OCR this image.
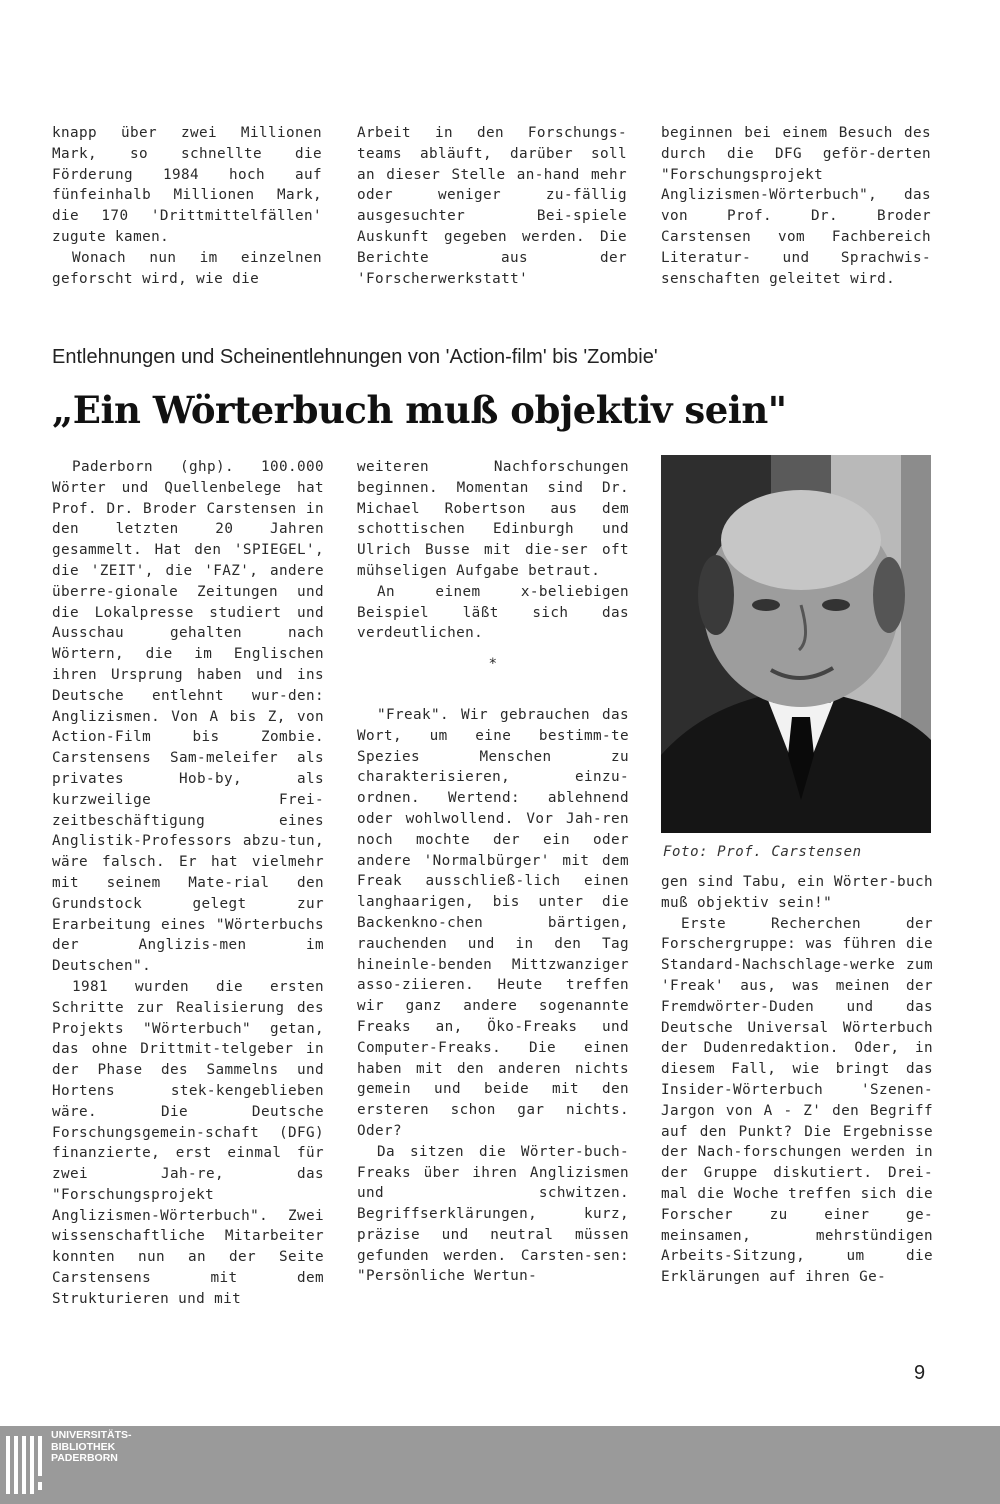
knapp über zwei Millionen Mark, so schnellte die Förderung 1984 hoch auf fünfeinhalb Millionen Mark, die 170 'Drittmittelfällen' zugute kamen.

Wonach nun im einzelnen geforscht wird, wie die

Arbeit in den Forschungs-teams abläuft, darüber soll an dieser Stelle an-hand mehr oder weniger zu-fällig ausgesuchter Bei-spiele Auskunft gegeben werden. Die Berichte aus der 'Forscherwerkstatt'

beginnen bei einem Besuch des durch die DFG geför-derten "Forschungsprojekt Anglizismen-Wörterbuch", das von Prof. Dr. Broder Carstensen vom Fachbereich Literatur- und Sprachwis-senschaften geleitet wird.

Entlehnungen und Scheinentlehnungen von 'Action-film' bis 'Zombie'
„Ein Wörterbuch muß objektiv sein"

Paderborn (ghp). 100.000 Wörter und Quellenbelege hat Prof. Dr. Broder Carstensen in den letzten 20 Jahren gesammelt. Hat den 'SPIEGEL', die 'ZEIT', die 'FAZ', andere überre-gionale Zeitungen und die Lokalpresse studiert und Ausschau gehalten nach Wörtern, die im Englischen ihren Ursprung haben und ins Deutsche entlehnt wur-den: Anglizismen. Von A bis Z, von Action-Film bis Zombie. Carstensens Sam-meleifer als privates Hob-by, als kurzweilige Frei-zeitbeschäftigung eines Anglistik-Professors abzu-tun, wäre falsch. Er hat vielmehr mit seinem Mate-rial den Grundstock gelegt zur Erarbeitung eines "Wörterbuchs der Anglizis-men im Deutschen".

1981 wurden die ersten Schritte zur Realisierung des Projekts "Wörterbuch" getan, das ohne Drittmit-telgeber in der Phase des Sammelns und Hortens stek-kengeblieben wäre. Die Deutsche Forschungsgemein-schaft (DFG) finanzierte, erst einmal für zwei Jah-re, das "Forschungsprojekt Anglizismen-Wörterbuch". Zwei wissenschaftliche Mitarbeiter konnten nun an der Seite Carstensens mit dem Strukturieren und mit

weiteren Nachforschungen beginnen. Momentan sind Dr. Michael Robertson aus dem schottischen Edinburgh und Ulrich Busse mit die-ser oft mühseligen Aufgabe betraut.

An einem x-beliebigen Beispiel läßt sich das verdeutlichen.

*

"Freak". Wir gebrauchen das Wort, um eine bestimm-te Spezies Menschen zu charakterisieren, einzu-ordnen. Wertend: ablehnend oder wohlwollend. Vor Jah-ren noch mochte der ein oder andere 'Normalbürger' mit dem Freak ausschließ-lich einen langhaarigen, bis unter die Backenkno-chen bärtigen, rauchenden und in den Tag hineinle-benden Mittzwanziger asso-ziieren. Heute treffen wir ganz andere sogenannte Freaks an, Öko-Freaks und Computer-Freaks. Die einen haben mit den anderen nichts gemein und beide mit den ersteren schon gar nichts. Oder?

Da sitzen die Wörter-buch-Freaks über ihren Anglizismen und schwitzen. Begriffserklärungen, kurz, präzise und neutral müssen gefunden werden. Carsten-sen: "Persönliche Wertun-

Foto: Prof. Carstensen

gen sind Tabu, ein Wörter-buch muß objektiv sein!"

Erste Recherchen der Forschergruppe: was führen die Standard-Nachschlage-werke zum 'Freak' aus, was meinen der Fremdwörter-Duden und das Deutsche Universal Wörterbuch der Dudenredaktion. Oder, in diesem Fall, wie bringt das Insider-Wörterbuch 'Szenen-Jargon von A - Z' den Begriff auf den Punkt? Die Ergebnisse der Nach-forschungen werden in der Gruppe diskutiert. Drei-mal die Woche treffen sich die Forscher zu einer ge-meinsamen, mehrstündigen Arbeits-Sitzung, um die Erklärungen auf ihren Ge-

9
UNIVERSITÄTS-
BIBLIOTHEK
PADERBORN
